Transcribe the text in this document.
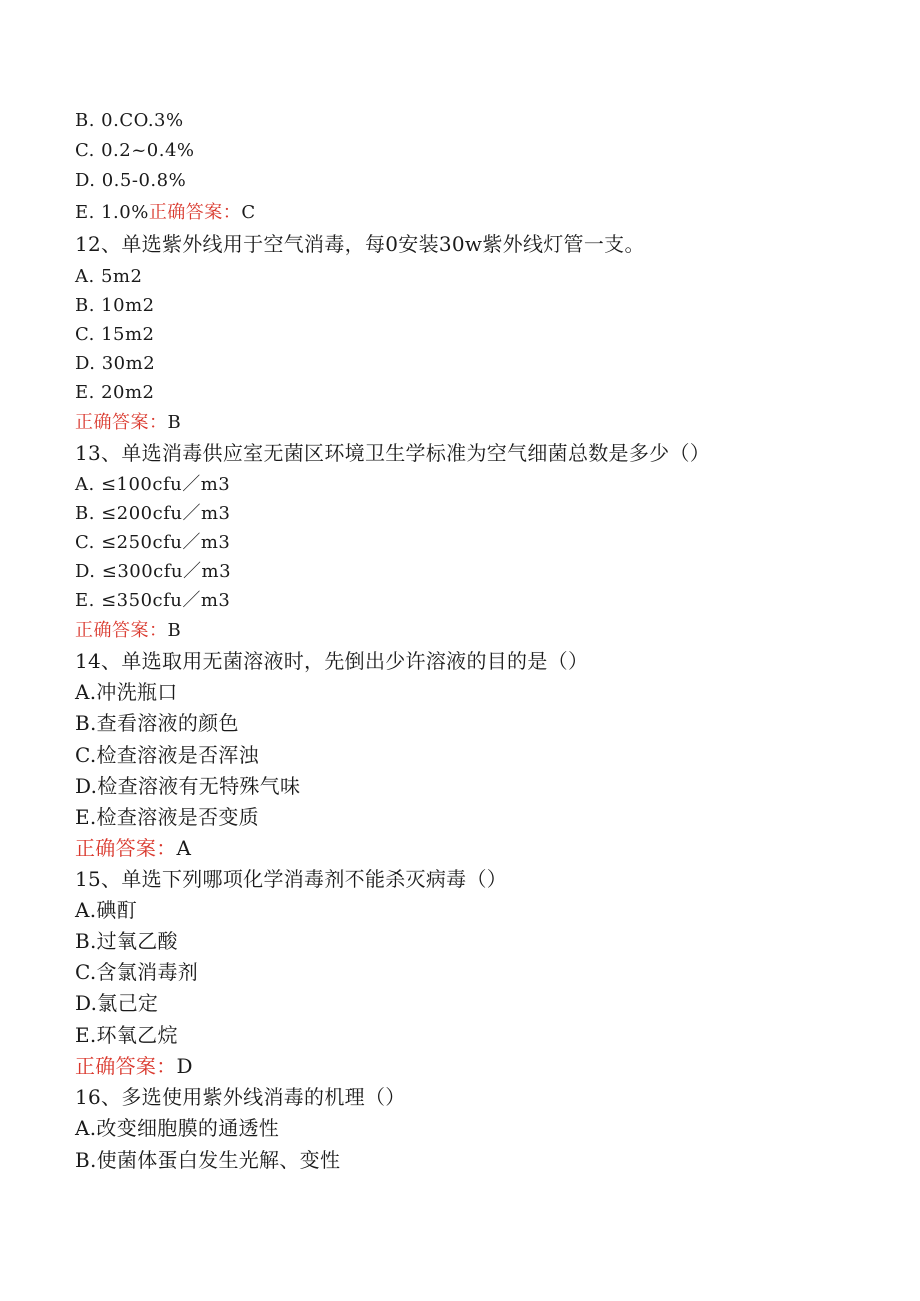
B. 0.CO.3%
C. 0.2~0.4%
D. 0.5-0.8%
E. 1.0%正确答案：C
12、单选紫外线用于空气消毒，每0安装30w紫外线灯管一支。
A. 5m2
B. 10m2
C. 15m2
D. 30m2
E. 20m2
正确答案：B
13、单选消毒供应室无菌区环境卫生学标准为空气细菌总数是多少（）
A. ≤100cfu／m3
B. ≤200cfu／m3
C. ≤250cfu／m3
D. ≤300cfu／m3
E. ≤350cfu／m3
正确答案：B
14、单选取用无菌溶液时，先倒出少许溶液的目的是（）
A.冲洗瓶口
B.查看溶液的颜色
C.检查溶液是否浑浊
D.检查溶液有无特殊气味
E.检查溶液是否变质
正确答案：A
15、单选下列哪项化学消毒剂不能杀灭病毒（）
A.碘酊
B.过氧乙酸
C.含氯消毒剂
D.氯己定
E.环氧乙烷
正确答案：D
16、多选使用紫外线消毒的机理（）
A.改变细胞膜的通透性
B.使菌体蛋白发生光解、变性
